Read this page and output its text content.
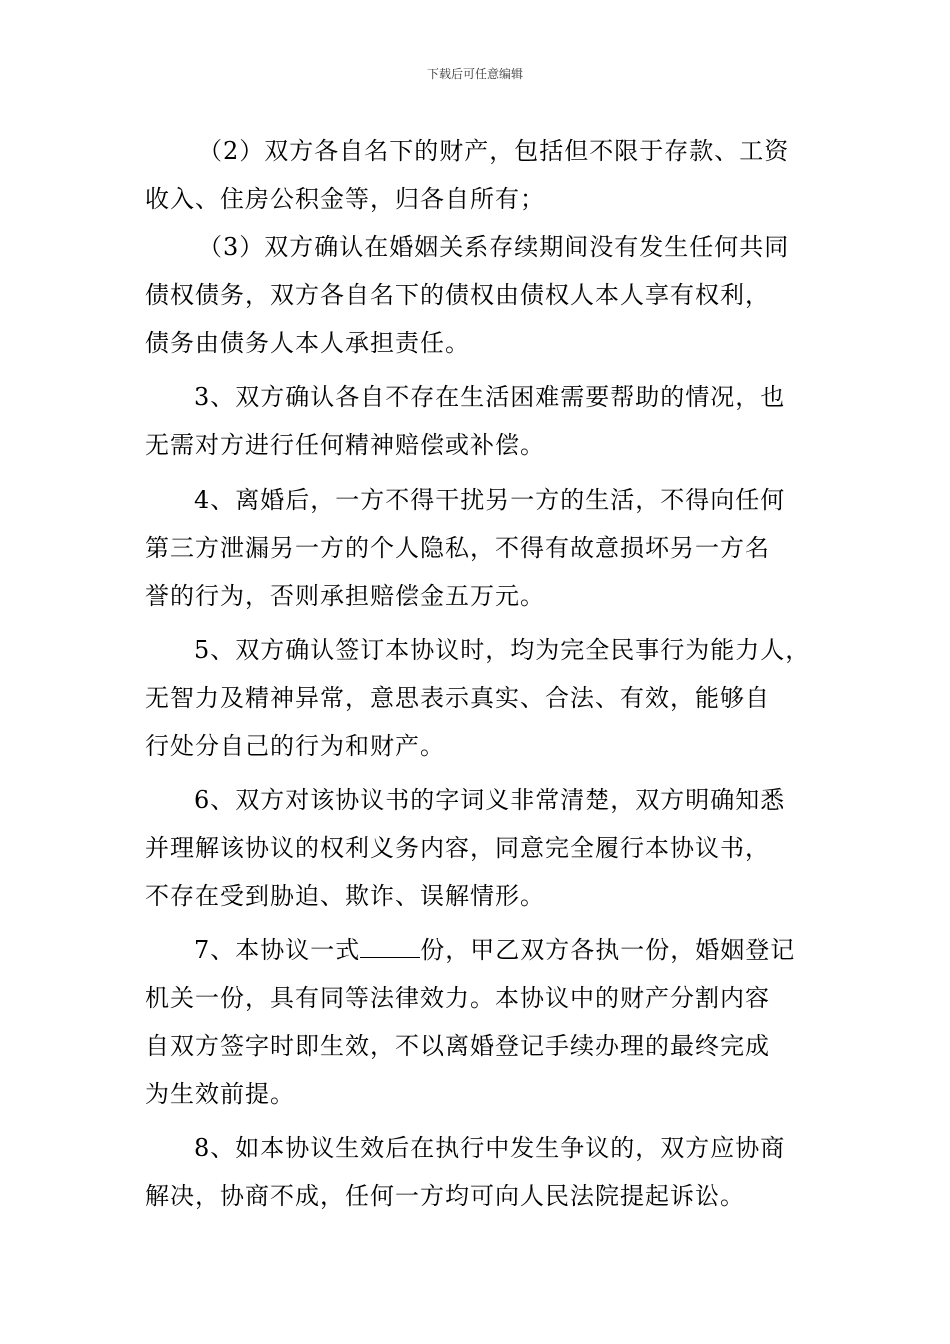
下载后可任意编辑
（2）双方各自名下的财产，包括但不限于存款、工资
收入、住房公积金等，归各自所有；
（3）双方确认在婚姻关系存续期间没有发生任何共同
债权债务，双方各自名下的债权由债权人本人享有权利，
债务由债务人本人承担责任。
3、双方确认各自不存在生活困难需要帮助的情况，也
无需对方进行任何精神赔偿或补偿。
4、离婚后，一方不得干扰另一方的生活，不得向任何
第三方泄漏另一方的个人隐私，不得有故意损坏另一方名
誉的行为，否则承担赔偿金五万元。
5、双方确认签订本协议时，均为完全民事行为能力人，
无智力及精神异常，意思表示真实、合法、有效，能够自
行处分自己的行为和财产。
6、双方对该协议书的字词义非常清楚，双方明确知悉
并理解该协议的权利义务内容，同意完全履行本协议书，
不存在受到胁迫、欺诈、误解情形。
7、本协议一式	份，甲乙双方各执一份，婚姻登记
机关一份，具有同等法律效力。本协议中的财产分割内容
自双方签字时即生效，不以离婚登记手续办理的最终完成
为生效前提。
8、如本协议生效后在执行中发生争议的，双方应协商
解决，协商不成，任何一方均可向人民法院提起诉讼。
